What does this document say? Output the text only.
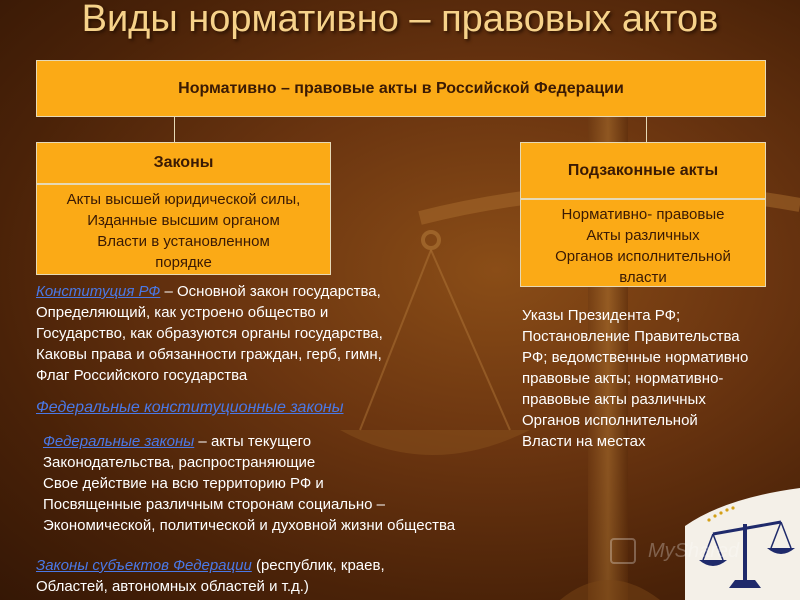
Виды нормативно – правовых актов
Нормативно – правовые акты в Российской Федерации
Законы
Акты высшей юридической силы,
Изданные высшим органом
Власти в установленном
порядке
Подзаконные акты
Нормативно- правовые
Акты различных
Органов исполнительной
власти
Конституция РФ – Основной закон государства,
Определяющий, как устроено общество и
Государство, как образуются органы государства,
Каковы права и обязанности граждан, герб, гимн,
Флаг Российского государства
Федеральные конституционные законы
Федеральные законы – акты текущего
Законодательства, распространяющие
Свое действие на всю территорию РФ и
Посвященные различным сторонам социально –
Экономической, политической и духовной жизни общества
Законы субъектов Федерации (республик, краев,
Областей, автономных областей и т.д.)
Указы Президента РФ;
Постановление Правительства
РФ; ведомственные нормативно
правовые акты; нормативно-
правовые акты различных
Органов исполнительной
Власти на местах
MyShared
